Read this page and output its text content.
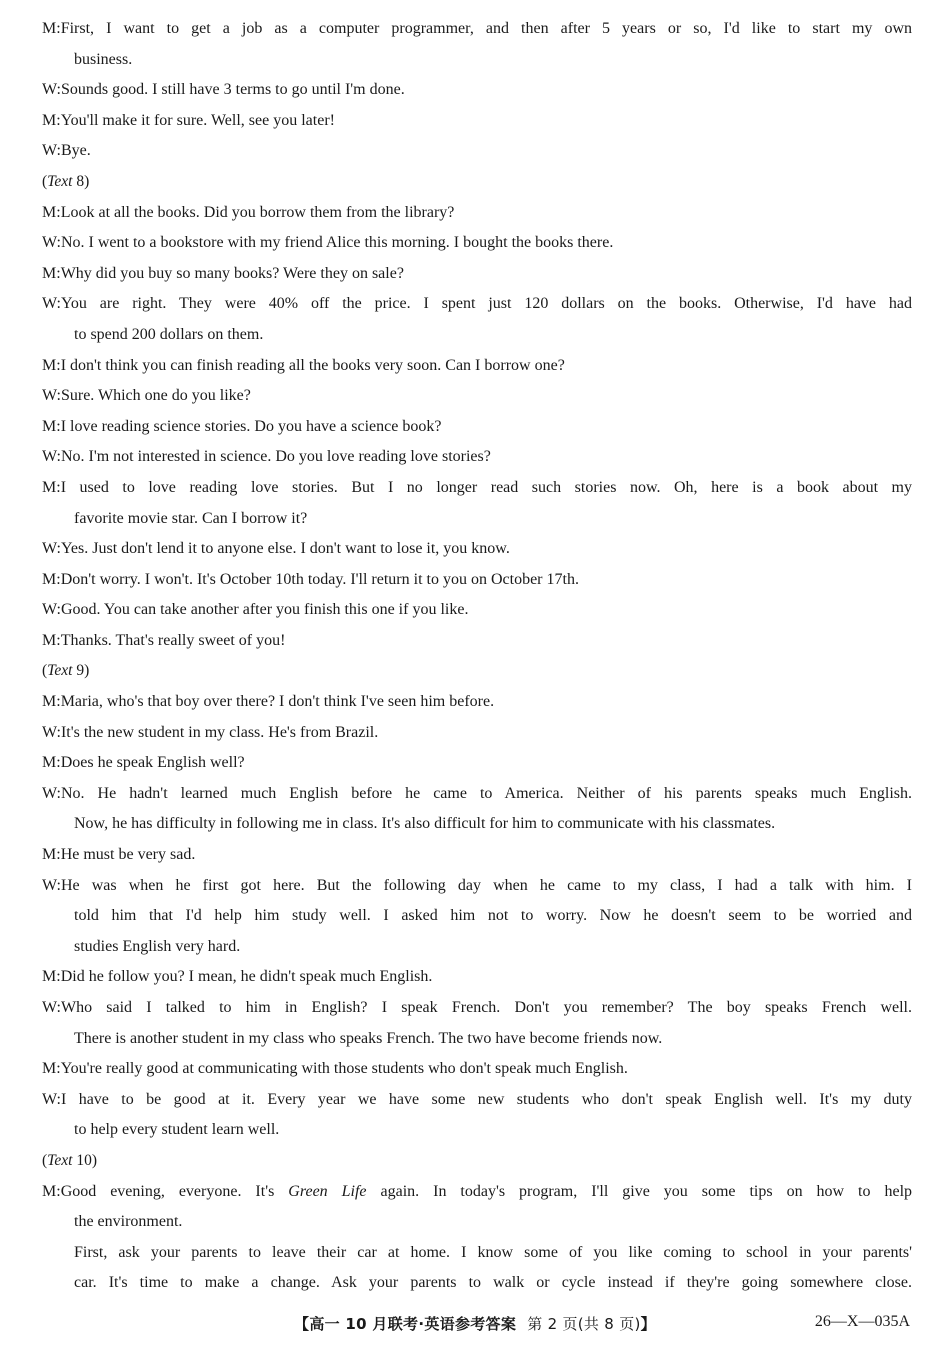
M:First, I want to get a job as a computer programmer, and then after 5 years or so, I'd like to start my own
business.
W:Sounds good. I still have 3 terms to go until I'm done.
M:You'll make it for sure. Well, see you later!
W:Bye.
(Text 8)
M:Look at all the books. Did you borrow them from the library?
W:No. I went to a bookstore with my friend Alice this morning. I bought the books there.
M:Why did you buy so many books? Were they on sale?
W:You are right. They were 40% off the price. I spent just 120 dollars on the books. Otherwise, I'd have had
to spend 200 dollars on them.
M:I don't think you can finish reading all the books very soon. Can I borrow one?
W:Sure. Which one do you like?
M:I love reading science stories. Do you have a science book?
W:No. I'm not interested in science. Do you love reading love stories?
M:I used to love reading love stories. But I no longer read such stories now. Oh, here is a book about my
favorite movie star. Can I borrow it?
W:Yes. Just don't lend it to anyone else. I don't want to lose it, you know.
M:Don't worry. I won't. It's October 10th today. I'll return it to you on October 17th.
W:Good. You can take another after you finish this one if you like.
M:Thanks. That's really sweet of you!
(Text 9)
M:Maria, who's that boy over there? I don't think I've seen him before.
W:It's the new student in my class. He's from Brazil.
M:Does he speak English well?
W:No. He hadn't learned much English before he came to America. Neither of his parents speaks much English.
Now, he has difficulty in following me in class. It's also difficult for him to communicate with his classmates.
M:He must be very sad.
W:He was when he first got here. But the following day when he came to my class, I had a talk with him. I
told him that I'd help him study well. I asked him not to worry. Now he doesn't seem to be worried and
studies English very hard.
M:Did he follow you? I mean, he didn't speak much English.
W:Who said I talked to him in English? I speak French. Don't you remember? The boy speaks French well.
There is another student in my class who speaks French. The two have become friends now.
M:You're really good at communicating with those students who don't speak much English.
W:I have to be good at it. Every year we have some new students who don't speak English well. It's my duty
to help every student learn well.
(Text 10)
M:Good evening, everyone. It's Green Life again. In today's program, I'll give you some tips on how to help
the environment.
First, ask your parents to leave their car at home. I know some of you like coming to school in your parents'
car. It's time to make a change. Ask your parents to walk or cycle instead if they're going somewhere close.
【高一 10 月联考·英语参考答案 第 2 页(共 8 页)】	26—X—035A
